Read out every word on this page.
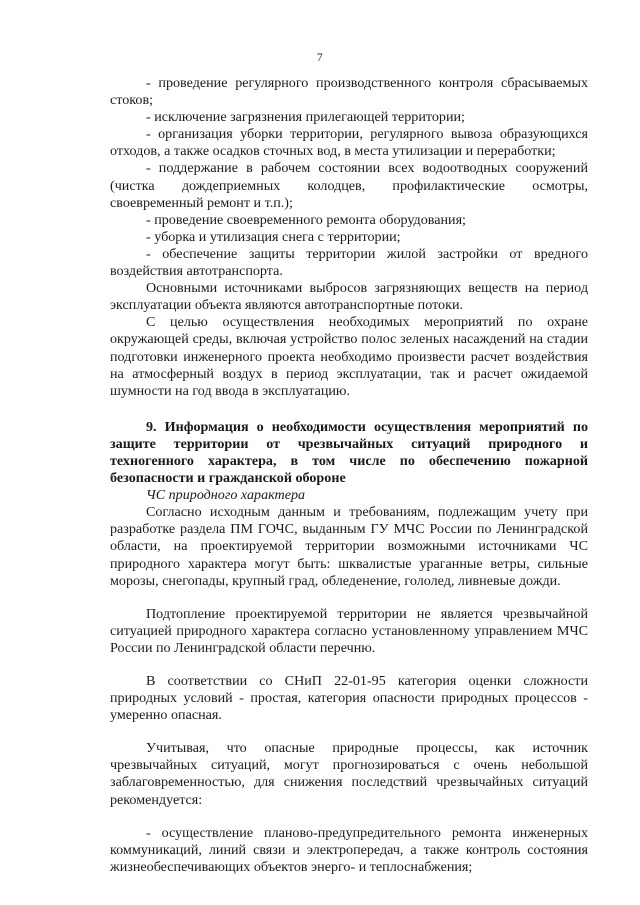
7

- проведение регулярного производственного контроля сбрасываемых стоков;

- исключение загрязнения прилегающей территории;

- организация уборки территории, регулярного вывоза образующихся отходов, а также осадков сточных вод, в места утилизации и переработки;

- поддержание в рабочем состоянии всех водоотводных сооружений (чистка дождеприемных колодцев, профилактические осмотры, своевременный ремонт и т.п.);

- проведение своевременного ремонта оборудования;

- уборка и утилизация снега с территории;

- обеспечение защиты территории жилой застройки от вредного воздействия автотранспорта.

Основными источниками выбросов загрязняющих веществ на период эксплуатации объекта являются автотранспортные потоки.

С целью осуществления необходимых мероприятий по охране окружающей среды, включая устройство полос зеленых насаждений на стадии подготовки инженерного проекта необходимо произвести расчет воздействия на атмосферный воздух в период эксплуатации, так и расчет ожидаемой шумности на год ввода в эксплуатацию.

9. Информация о необходимости осуществления мероприятий по защите территории от чрезвычайных ситуаций природного и техногенного характера, в том числе по обеспечению пожарной безопасности и гражданской обороне

ЧС природного характера

Согласно исходным данным и требованиям, подлежащим учету при разработке раздела ПМ ГОЧС, выданным ГУ МЧС России по Ленинградской области, на проектируемой территории возможными источниками ЧС природного характера могут быть: шквалистые ураганные ветры, сильные морозы, снегопады, крупный град, обледенение, гололед, ливневые дожди.

Подтопление проектируемой территории не является чрезвычайной ситуацией природного характера согласно установленному управлением МЧС России по Ленинградской области перечню.

В соответствии со СНиП 22-01-95 категория оценки сложности природных условий - простая, категория опасности природных процессов - умеренно опасная.

Учитывая, что опасные природные процессы, как источник чрезвычайных ситуаций, могут прогнозироваться с очень небольшой заблаговременностью, для снижения последствий чрезвычайных ситуаций рекомендуется:

- осуществление планово-предупредительного ремонта инженерных коммуникаций, линий связи и электропередач, а также контроль состояния жизнеобеспечивающих объектов энерго- и теплоснабжения;
